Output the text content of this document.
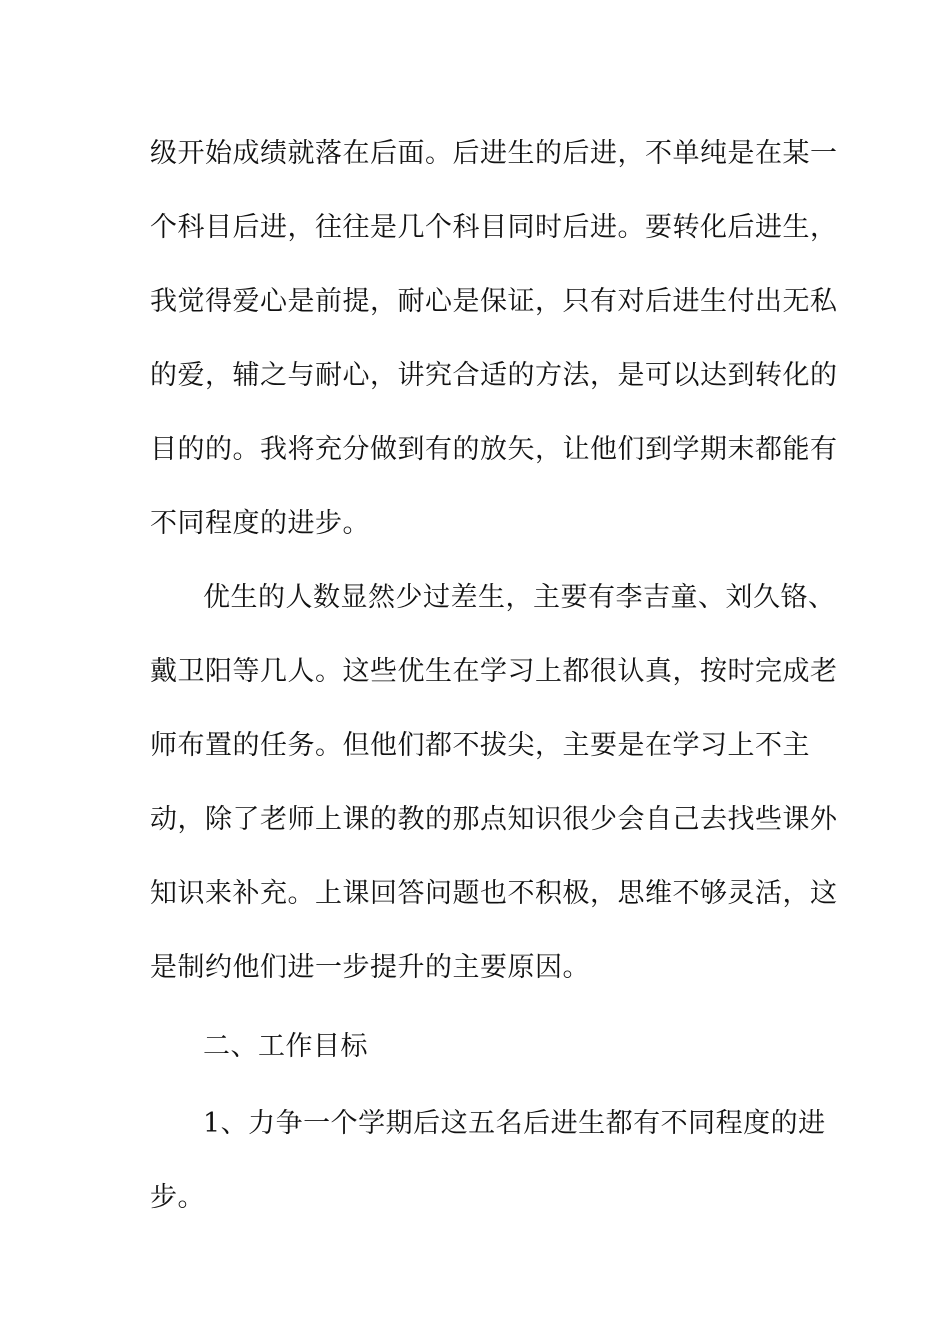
级开始成绩就落在后面。后进生的后进，不单纯是在某一
个科目后进，往往是几个科目同时后进。要转化后进生，
我觉得爱心是前提，耐心是保证，只有对后进生付出无私
的爱，辅之与耐心，讲究合适的方法，是可以达到转化的
目的的。我将充分做到有的放矢，让他们到学期末都能有
不同程度的进步。
优生的人数显然少过差生，主要有李吉童、刘久铬、
戴卫阳等几人。这些优生在学习上都很认真，按时完成老
师布置的任务。但他们都不拔尖，主要是在学习上不主
动，除了老师上课的教的那点知识很少会自己去找些课外
知识来补充。上课回答问题也不积极，思维不够灵活，这
是制约他们进一步提升的主要原因。
二、工作目标
1、力争一个学期后这五名后进生都有不同程度的进
步。
